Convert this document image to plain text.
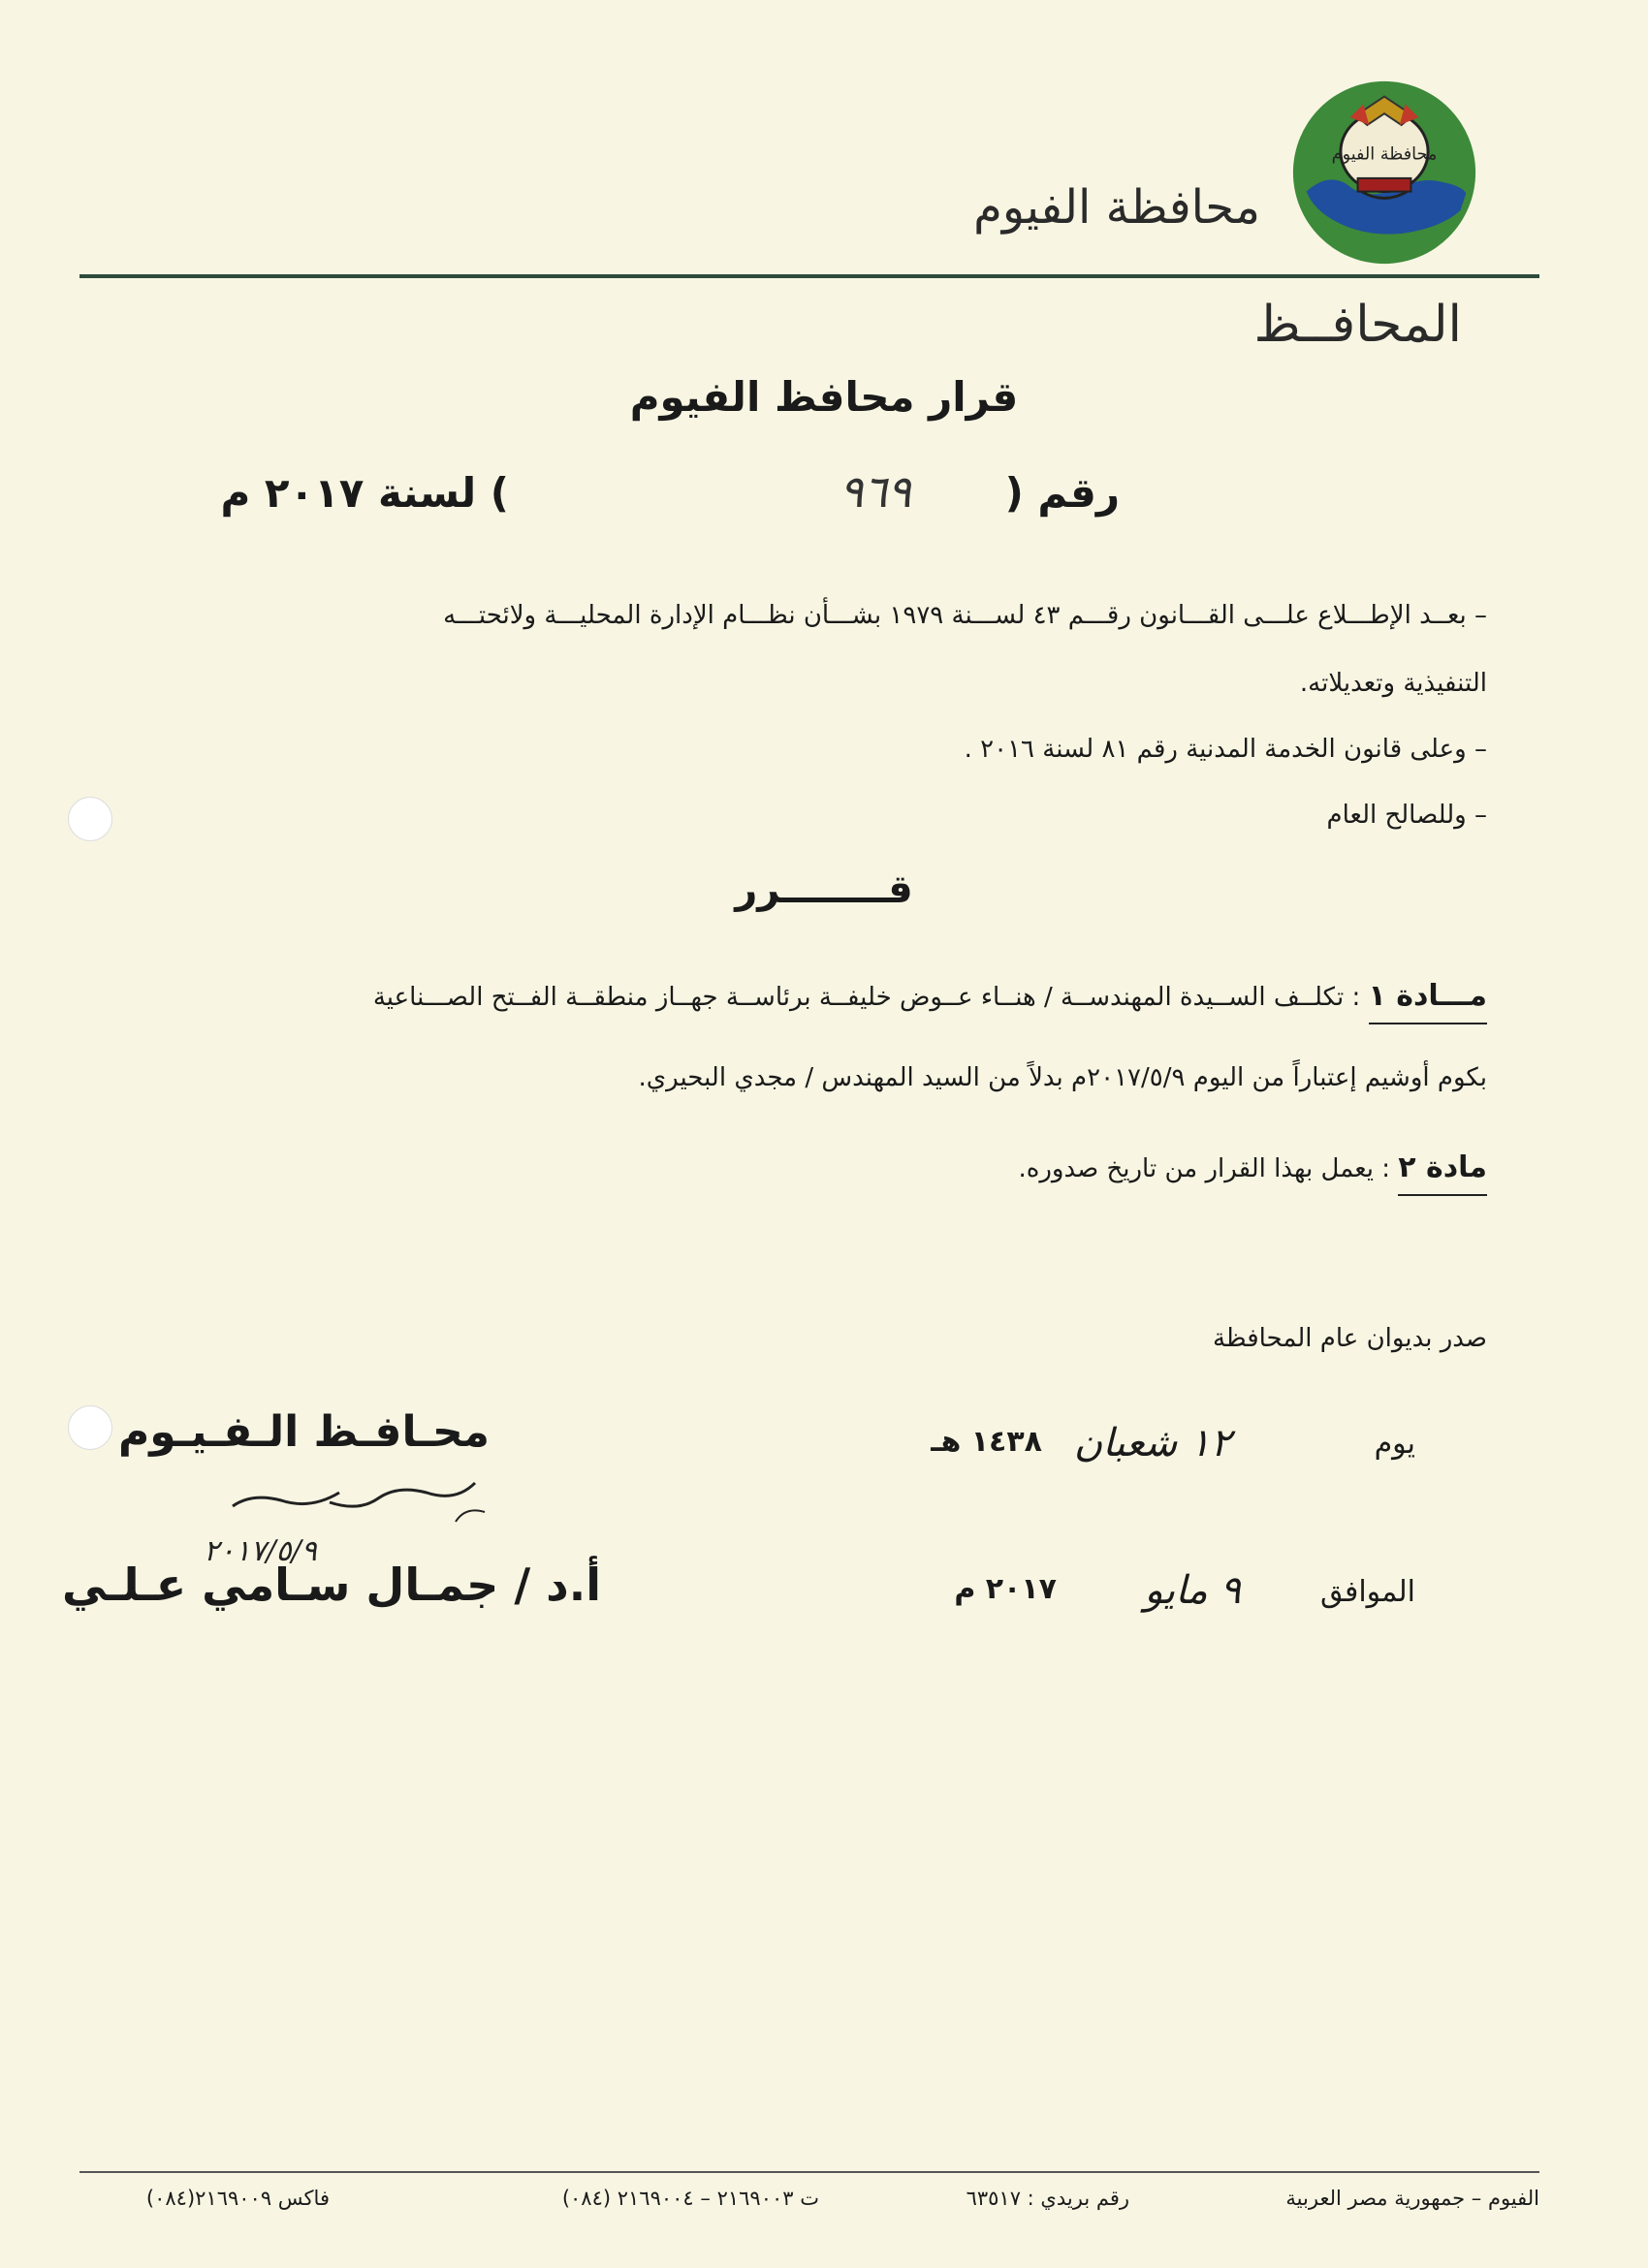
محافظة الفيوم
محافظة الفيوم
المحافــظ
قرار محافظ الفيوم
رقم (
٩٦٩
) لسنة ٢٠١٧ م
– بعــد الإطـــلاع علـــى القـــانون رقـــم ٤٣ لســـنة ١٩٧٩ بشـــأن نظـــام الإدارة المحليـــة ولائحتـــه
التنفيذية وتعديلاته.
– وعلى قانون الخدمة المدنية رقم ٨١ لسنة ٢٠١٦ .
– وللصالح العام
قــــــــرر
مـــادة ١ : تكلــف الســيدة المهندســة / هنــاء عــوض خليفــة برئاســة جهــاز منطقــة الفــتح الصـــناعية
بكوم أوشيم إعتباراً من اليوم ٢٠١٧/٥/٩م بدلاً من السيد المهندس / مجدي البحيري.
مادة ٢ : يعمل بهذا القرار من تاريخ صدوره.
صدر بديوان عام المحافظة
يوم
١٢ شعبان
١٤٣٨ هـ
الموافق
٩ مايو
٢٠١٧ م
محـافـظ الـفـيـوم
٢٠١٧/٥/٩
أ.د / جمـال سـامي عـلـي
الفيوم – جمهورية مصر العربية
رقم بريدي : ٦٣٥١٧
ت ٢١٦٩٠٠٣ – ٢١٦٩٠٠٤ (٠٨٤)
فاكس ٢١٦٩٠٠٩(٠٨٤)
